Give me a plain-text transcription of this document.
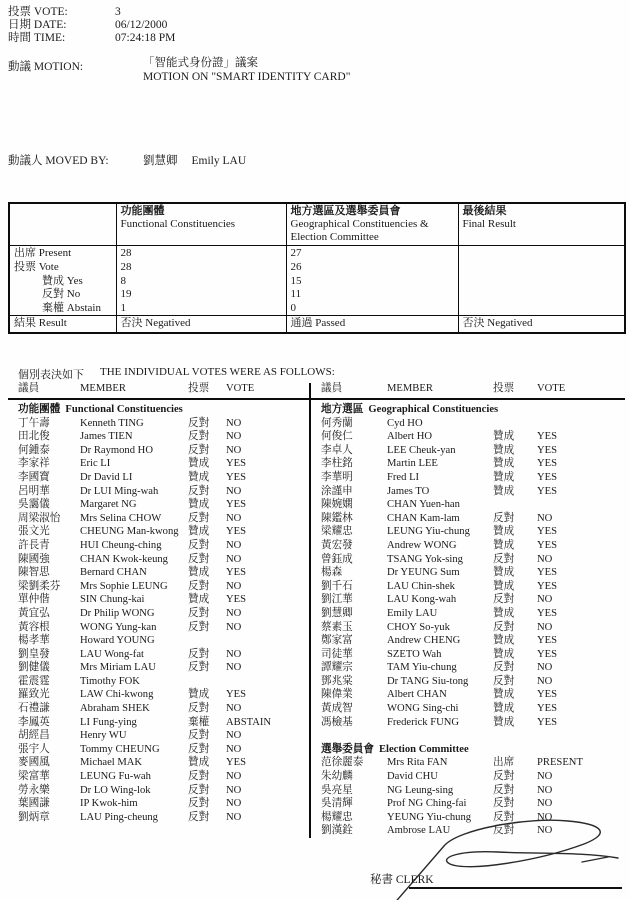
投票 VOTE:	3
日期 DATE:	06/12/2000
時間 TIME:	07:24:18 PM
動議 MOTION:	「智能式身份證」議案
MOTION ON "SMART IDENTITY CARD"
動議人 MOVED BY:	劉慧卿 Emily LAU

	功能團體
Functional Constituencies	地方選區及選舉委員會
Geographical Constituencies & Election Committee	最後結果
Final Result

出席 Present	28	27	
投票 Vote	28	26	
贊成 Yes	8	15	
反對 No	19	11	
棄權 Abstain	1	0	
結果 Result	否決 Negatived	通過 Passed	否決 Negatived
個別表決如下 THE INDIVIDUAL VOTES WERE AS FOLLOWS:
議員	MEMBER	投票	VOTE
功能團體 Functional Constituencies
丁午壽	Kenneth TING	反對	NO
田北俊	James TIEN	反對	NO
何鍾泰	Dr Raymond HO	反對	NO
李家祥	Eric LI	贊成	YES
李國寶	Dr David LI	贊成	YES
呂明華	Dr LUI Ming-wah	反對	NO
吳靄儀	Margaret NG	贊成	YES
周梁淑怡	Mrs Selina CHOW	反對	NO
張文光	CHEUNG Man-kwong 贊成	YES
許長青	HUI Cheung-ching	反對	NO
陳國強	CHAN Kwok-keung	反對	NO
陳智思	Bernard CHAN	贊成	YES
梁劉柔芬	Mrs Sophie LEUNG	反對	NO
單仲偕	SIN Chung-kai	贊成	YES
黃宜弘	Dr Philip WONG	反對	NO
黃容根	WONG Yung-kan	反對	NO
楊孝華	Howard YOUNG
劉皇發	LAU Wong-fat	反對	NO
劉健儀	Mrs Miriam LAU	反對	NO
霍震霆	Timothy FOK
羅致光	LAW Chi-kwong	贊成	YES
石禮謙	Abraham SHEK	反對	NO
李鳳英	LI Fung-ying	棄權	ABSTAIN
胡經昌	Henry WU	反對	NO
張宇人	Tommy CHEUNG	反對	NO
麥國風	Michael MAK	贊成	YES
梁富華	LEUNG Fu-wah	反對	NO
勞永樂	Dr LO Wing-lok	反對	NO
葉國謙	IP Kwok-him	反對	NO
劉炳章	LAU Ping-cheung	反對	NO
議員	MEMBER	投票	VOTE
地方選區 Geographical Constituencies
何秀蘭	Cyd HO
何俊仁	Albert HO	贊成	YES
李卓人	LEE Cheuk-yan	贊成	YES
李柱銘	Martin LEE	贊成	YES
李華明	Fred LI	贊成	YES
涂謹申	James TO	贊成	YES
陳婉嫻	CHAN Yuen-han
陳鑑林	CHAN Kam-lam	反對	NO
梁耀忠	LEUNG Yiu-chung	贊成	YES
黃宏發	Andrew WONG	贊成	YES
曾鈺成	TSANG Yok-sing	反對	NO
楊森	Dr YEUNG Sum	贊成	YES
劉千石	LAU Chin-shek	贊成	YES
劉江華	LAU Kong-wah	反對	NO
劉慧卿	Emily LAU	贊成	YES
蔡素玉	CHOY So-yuk	反對	NO
鄭家富	Andrew CHENG	贊成	YES
司徒華	SZETO Wah	贊成	YES
譚耀宗	TAM Yiu-chung	反對	NO
鄧兆棠	Dr TANG Siu-tong	反對	NO
陳偉業	Albert CHAN	贊成	YES
黃成智	WONG Sing-chi	贊成	YES
馮檢基	Frederick FUNG	贊成	YES
選舉委員會 Election Committee
范徐麗泰	Mrs Rita FAN	出席	PRESENT
朱幼麟	David CHU	反對	NO
吳亮星	NG Leung-sing	反對	NO
吳清輝	Prof NG Ching-fai	反對	NO
楊耀忠	YEUNG Yiu-chung	反對	NO
劉漢銓	Ambrose LAU	反對	NO
秘書 CLERK
